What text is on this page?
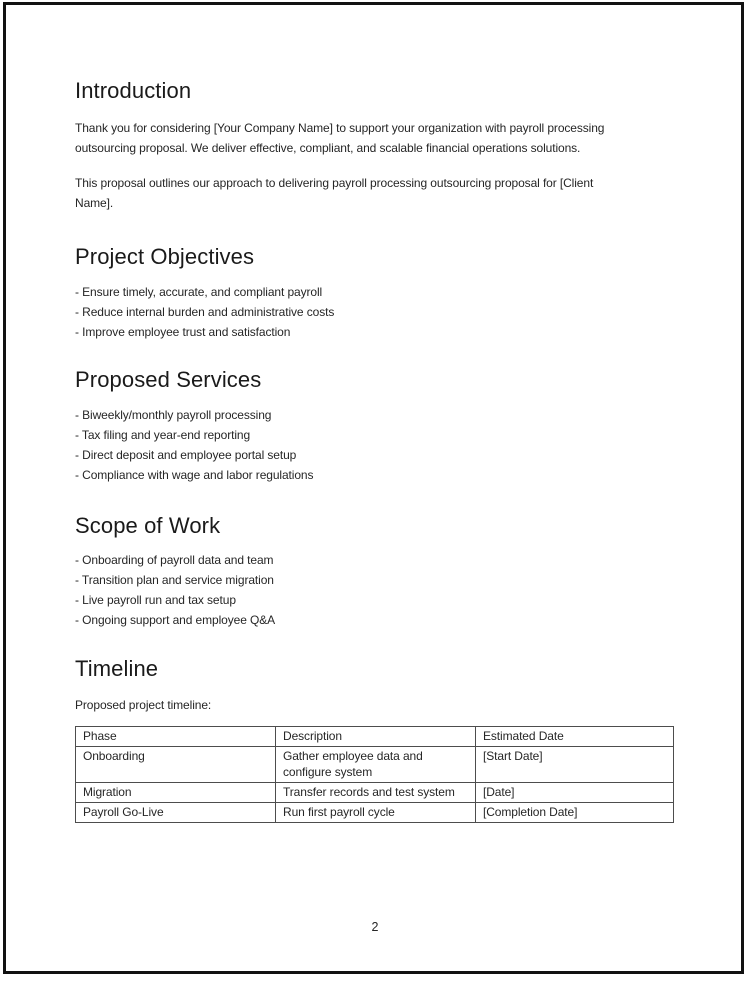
Introduction
Thank you for considering [Your Company Name] to support your organization with payroll processing
outsourcing proposal. We deliver effective, compliant, and scalable financial operations solutions.
This proposal outlines our approach to delivering payroll processing outsourcing proposal for [Client
Name].
Project Objectives
- Ensure timely, accurate, and compliant payroll
- Reduce internal burden and administrative costs
- Improve employee trust and satisfaction
Proposed Services
- Biweekly/monthly payroll processing
- Tax filing and year-end reporting
- Direct deposit and employee portal setup
- Compliance with wage and labor regulations
Scope of Work
- Onboarding of payroll data and team
- Transition plan and service migration
- Live payroll run and tax setup
- Ongoing support and employee Q&A
Timeline
Proposed project timeline:
Phase	Description	Estimated Date
Onboarding	Gather employee data and configure system	[Start Date]
Migration	Transfer records and test system	[Date]
Payroll Go-Live	Run first payroll cycle	[Completion Date]
2
